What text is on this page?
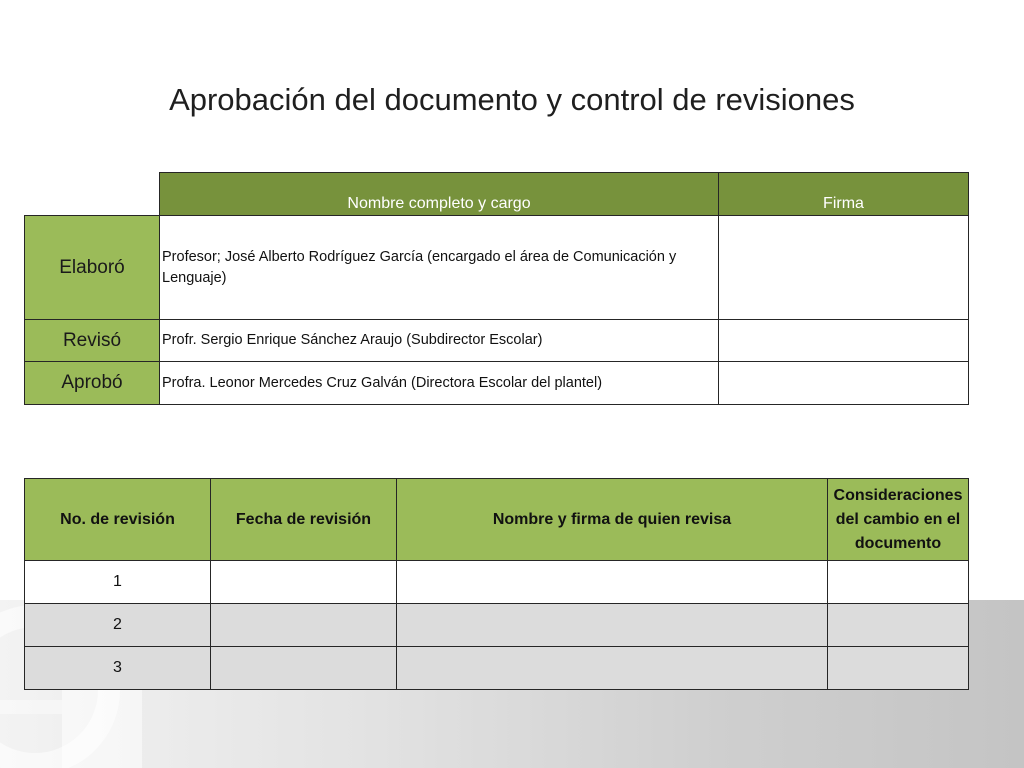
Aprobación del documento y control de revisiones
	Nombre completo y cargo	Firma
Elaboró	Profesor; José Alberto Rodríguez García (encargado el área de Comunicación y Lenguaje)	
Revisó	Profr. Sergio Enrique Sánchez Araujo (Subdirector Escolar)	
Aprobó	Profra. Leonor Mercedes Cruz Galván (Directora Escolar del plantel)	
No. de revisión	Fecha de revisión	Nombre y firma de quien revisa	Consideraciones del cambio en el documento
1			
2			
3			
